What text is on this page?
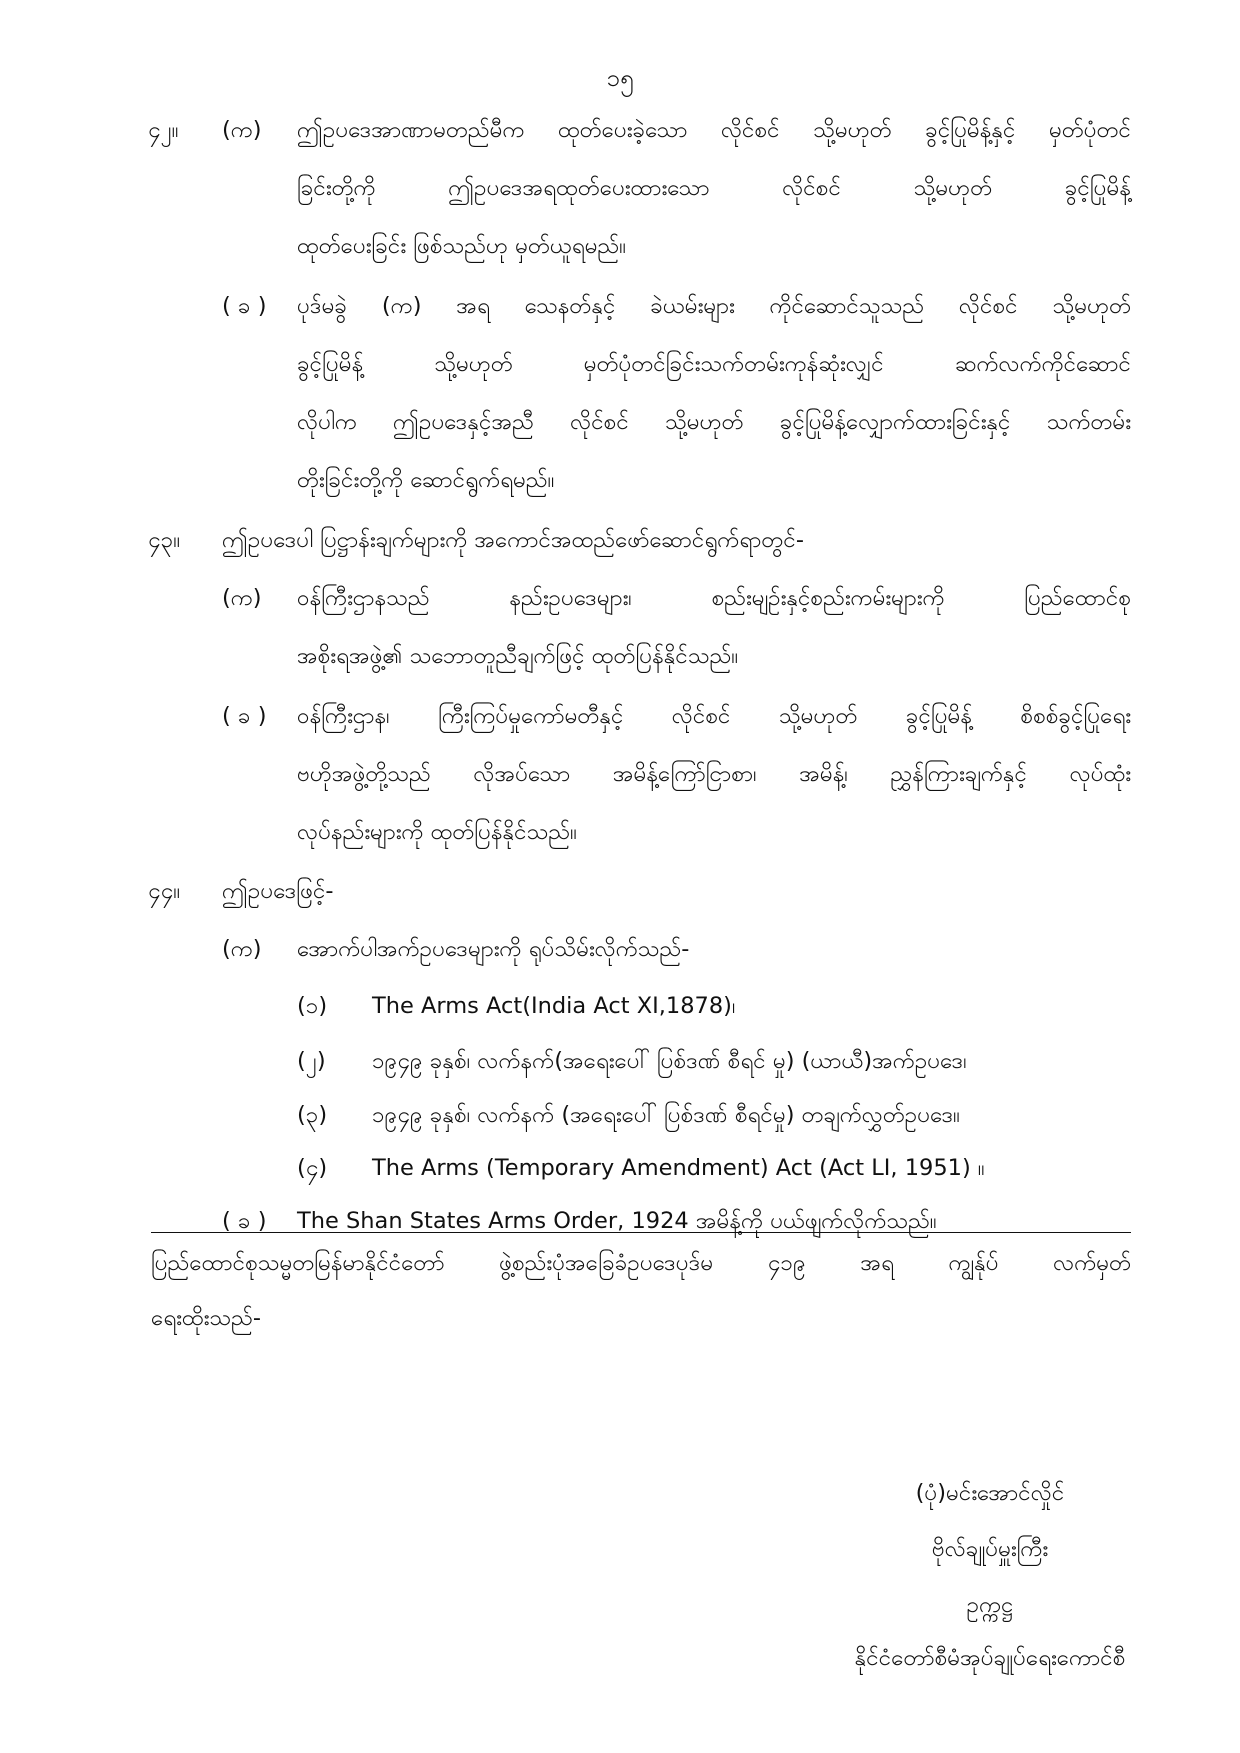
၁၅
၄၂။ (က) ဤဥပဒေအာဏာမတည်မီက ထုတ်ပေးခဲ့သော လိုင်စင် သို့မဟုတ် ခွင့်ပြုမိန့်နှင့် မှတ်ပုံတင်
ခြင်းတို့ကို ဤဥပဒေအရထုတ်ပေးထားသော လိုင်စင် သို့မဟုတ် ခွင့်ပြုမိန့်
ထုတ်ပေးခြင်း ဖြစ်သည်ဟု မှတ်ယူရမည်။
( ခ ) ပုဒ်မခွဲ (က) အရ သေနတ်နှင့် ခဲယမ်းများ ကိုင်ဆောင်သူသည် လိုင်စင် သို့မဟုတ်
ခွင့်ပြုမိန့် သို့မဟုတ် မှတ်ပုံတင်ခြင်းသက်တမ်းကုန်ဆုံးလျှင် ဆက်လက်ကိုင်ဆောင်
လိုပါက ဤဥပဒေနှင့်အညီ လိုင်စင် သို့မဟုတ် ခွင့်ပြုမိန့်လျှောက်ထားခြင်းနှင့် သက်တမ်း
တိုးခြင်းတို့ကို ဆောင်ရွက်ရမည်။
၄၃။ ဤဥပဒေပါ ပြဋ္ဌာန်းချက်များကို အကောင်အထည်ဖော်ဆောင်ရွက်ရာတွင်-
(က) ဝန်ကြီးဌာနသည် နည်းဥပဒေများ၊ စည်းမျဉ်းနှင့်စည်းကမ်းများကို ပြည်ထောင်စု
အစိုးရအဖွဲ့၏ သဘောတူညီချက်ဖြင့် ထုတ်ပြန်နိုင်သည်။
( ခ ) ဝန်ကြီးဌာန၊ ကြီးကြပ်မှုကော်မတီနှင့် လိုင်စင် သို့မဟုတ် ခွင့်ပြုမိန့် စိစစ်ခွင့်ပြုရေး
ဗဟိုအဖွဲ့တို့သည် လိုအပ်သော အမိန့်ကြော်ငြာစာ၊ အမိန့်၊ ညွှန်ကြားချက်နှင့် လုပ်ထုံး
လုပ်နည်းများကို ထုတ်ပြန်နိုင်သည်။
၄၄။ ဤဥပဒေဖြင့်-
(က) အောက်ပါအက်ဥပဒေများကို ရုပ်သိမ်းလိုက်သည်-
(၁) The Arms Act(India Act XI,1878)၊
(၂) ၁၉၄၉ ခုနှစ်၊ လက်နက်(အရေးပေါ် ပြစ်ဒဏ် စီရင် မှု) (ယာယီ)အက်ဥပဒေ၊
(၃) ၁၉၄၉ ခုနှစ်၊ လက်နက် (အရေးပေါ် ပြစ်ဒဏ် စီရင်မှု) တချက်လွှတ်ဥပဒေ။
(၄) The Arms (Temporary Amendment) Act (Act LI, 1951) ။
( ခ ) The Shan States Arms Order, 1924 အမိန့်ကို ပယ်ဖျက်လိုက်သည်။
ပြည်ထောင်စုသမ္မတမြန်မာနိုင်ငံတော် ဖွဲ့စည်းပုံအခြေခံဥပဒေပုဒ်မ ၄၁၉ အရ ကျွန်ုပ် လက်မှတ်
ရေးထိုးသည်-
(ပုံ)မင်းအောင်လှိုင်
ဗိုလ်ချုပ်မှူးကြီး
ဥက္ကဋ္ဌ
နိုင်ငံတော်စီမံအုပ်ချုပ်ရေးကောင်စီ
